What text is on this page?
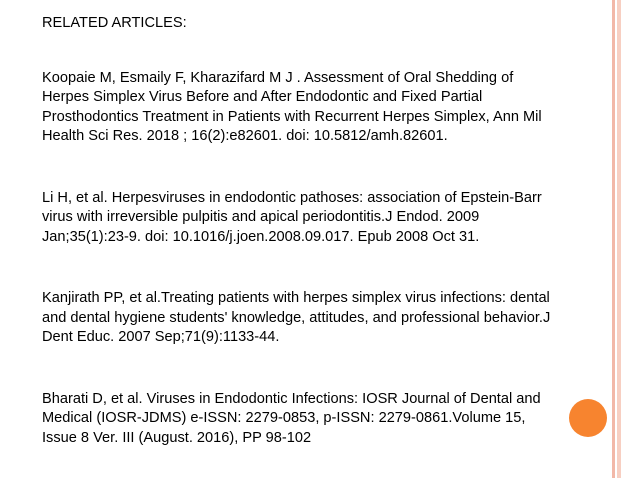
RELATED ARTICLES:

Koopaie M, Esmaily F, Kharazifard M J . Assessment of Oral Shedding of
Herpes Simplex Virus Before and After Endodontic and Fixed Partial
Prosthodontics Treatment in Patients with Recurrent Herpes Simplex, Ann Mil
Health Sci Res. 2018 ; 16(2):e82601. doi: 10.5812/amh.82601.

Li H, et al. Herpesviruses in endodontic pathoses: association of Epstein-Barr
virus with irreversible pulpitis and apical periodontitis.J Endod. 2009
Jan;35(1):23-9. doi: 10.1016/j.joen.2008.09.017. Epub 2008 Oct 31.

Kanjirath PP, et al.Treating patients with herpes simplex virus infections: dental
and dental hygiene students' knowledge, attitudes, and professional behavior.J
Dent Educ. 2007 Sep;71(9):1133-44.

Bharati D, et al. Viruses in Endodontic Infections: IOSR Journal of Dental and
Medical (IOSR-JDMS) e-ISSN: 2279-0853, p-ISSN: 2279-0861.Volume 15,
Issue 8 Ver. III (August. 2016), PP 98-102
